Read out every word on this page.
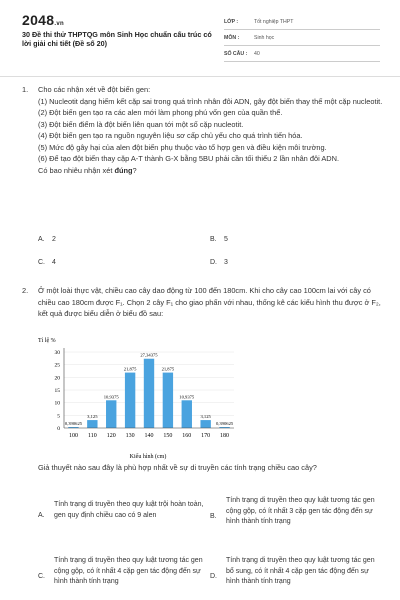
2048.vn
30 Đề thi thử THPTQG môn Sinh Học chuẩn cấu trúc có lời giải chi tiết (Đề số 20)
LỚP :	Tốt nghiệp THPT
MÔN :	Sinh học
SỐ CÂU :	40
1. Cho các nhận xét về đột biến gen:
(1) Nucleotit dạng hiếm kết cặp sai trong quá trình nhân đôi ADN, gây đột biến thay thế một cặp nucleotit.
(2) Đột biến gen tạo ra các alen mới làm phong phú vốn gen của quần thể.
(3) Đột biến điểm là đột biến liên quan tới một số cặp nucleotit.
(4) Đột biến gen tạo ra nguồn nguyên liệu sơ cấp chủ yếu cho quá trình tiến hóa.
(5) Mức độ gây hại của alen đột biến phụ thuộc vào tổ hợp gen và điều kiện môi trường.
(6) Để tạo đột biến thay cặp A-T thành G-X bằng 5BU phải cần tối thiểu 2 lần nhân đôi ADN.
Có bao nhiêu nhận xét đúng?
A. 2	B. 5
C. 4	D. 3
2. Ở một loài thực vật, chiều cao cây dao động từ 100 đến 180cm. Khi cho cây cao 100cm lai với cây có chiều cao 180cm được F₁. Chọn 2 cây F₁ cho giao phấn với nhau, thống kê các kiểu hình thu được ở F₂, kết quả được biểu diễn ở biểu đồ sau:
Tỉ lệ %
0,390625
3,125
10,9375
21,875
27,34375
21,875
10,9375
3,125
0,390625
100 110 120 130 140 150 160 170 180
0
5
10
15
20
25
30
Kiểu hình (cm)
Giả thuyết nào sau đây là phù hợp nhất về sự di truyền các tính trạng chiều cao cây?
A.
Tính trạng di truyền theo quy luật trội hoàn toàn, gen quy định chiều cao có 9 alen	B.
Tính trạng di truyền theo quy luật tương tác gen cộng gộp, có ít nhất 3 cặp gen tác động đến sự hình thành tính trạng
C.
Tính trạng di truyền theo quy luật tương tác gen cộng gộp, có ít nhất 4 cặp gen tác động đến sự hình thành tính trạng
D.
Tính trạng di truyền theo quy luật tương tác gen bổ sung, có ít nhất 4 cặp gen tác động đến sự hình thành tính trạng
